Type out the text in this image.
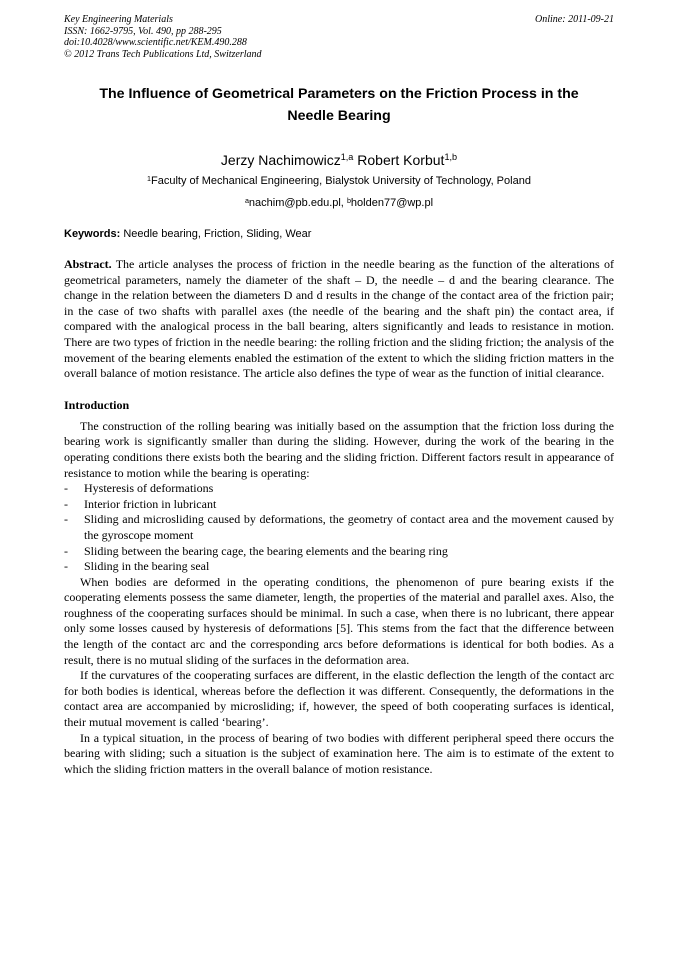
Key Engineering Materials
ISSN: 1662-9795, Vol. 490, pp 288-295
doi:10.4028/www.scientific.net/KEM.490.288
© 2012 Trans Tech Publications Ltd, Switzerland
Online: 2011-09-21
The Influence of Geometrical Parameters on the Friction Process in the Needle Bearing
Jerzy Nachimowicz$^{1,a}$ Robert Korbut$^{1,b}$
$^1$Faculty of Mechanical Engineering, Bialystok University of Technology, Poland
$^a$nachim@pb.edu.pl, $^b$holden77@wp.pl
Keywords: Needle bearing, Friction, Sliding, Wear
Abstract. The article analyses the process of friction in the needle bearing as the function of the alterations of geometrical parameters, namely the diameter of the shaft – D, the needle – d and the bearing clearance. The change in the relation between the diameters D and d results in the change of the contact area of the friction pair; in the case of two shafts with parallel axes (the needle of the bearing and the shaft pin) the contact area, if compared with the analogical process in the ball bearing, alters significantly and leads to resistance in motion. There are two types of friction in the needle bearing: the rolling friction and the sliding friction; the analysis of the movement of the bearing elements enabled the estimation of the extent to which the sliding friction matters in the overall balance of motion resistance. The article also defines the type of wear as the function of initial clearance.
Introduction

The construction of the rolling bearing was initially based on the assumption that the friction loss during the bearing work is significantly smaller than during the sliding. However, during the work of the bearing in the operating conditions there exists both the bearing and the sliding friction. Different factors result in appearance of resistance to motion while the bearing is operating:

- Hysteresis of deformations
- Interior friction in lubricant
- Sliding and microsliding caused by deformations, the geometry of contact area and the movement caused by the gyroscope moment
- Sliding between the bearing cage, the bearing elements and the bearing ring
- Sliding in the bearing seal

When bodies are deformed in the operating conditions, the phenomenon of pure bearing exists if the cooperating elements possess the same diameter, length, the properties of the material and parallel axes. Also, the roughness of the cooperating surfaces should be minimal. In such a case, when there is no lubricant, there appear only some losses caused by hysteresis of deformations [5]. This stems from the fact that the difference between the length of the contact arc and the corresponding arcs before deformations is identical for both bodies. As a result, there is no mutual sliding of the surfaces in the deformation area.

If the curvatures of the cooperating surfaces are different, in the elastic deflection the length of the contact arc for both bodies is identical, whereas before the deflection it was different. Consequently, the deformations in the contact area are accompanied by microsliding; if, however, the speed of both cooperating surfaces is identical, their mutual movement is called ‘bearing’.

In a typical situation, in the process of bearing of two bodies with different peripheral speed there occurs the bearing with sliding; such a situation is the subject of examination here. The aim is to estimate of the extent to which the sliding friction matters in the overall balance of motion resistance.
